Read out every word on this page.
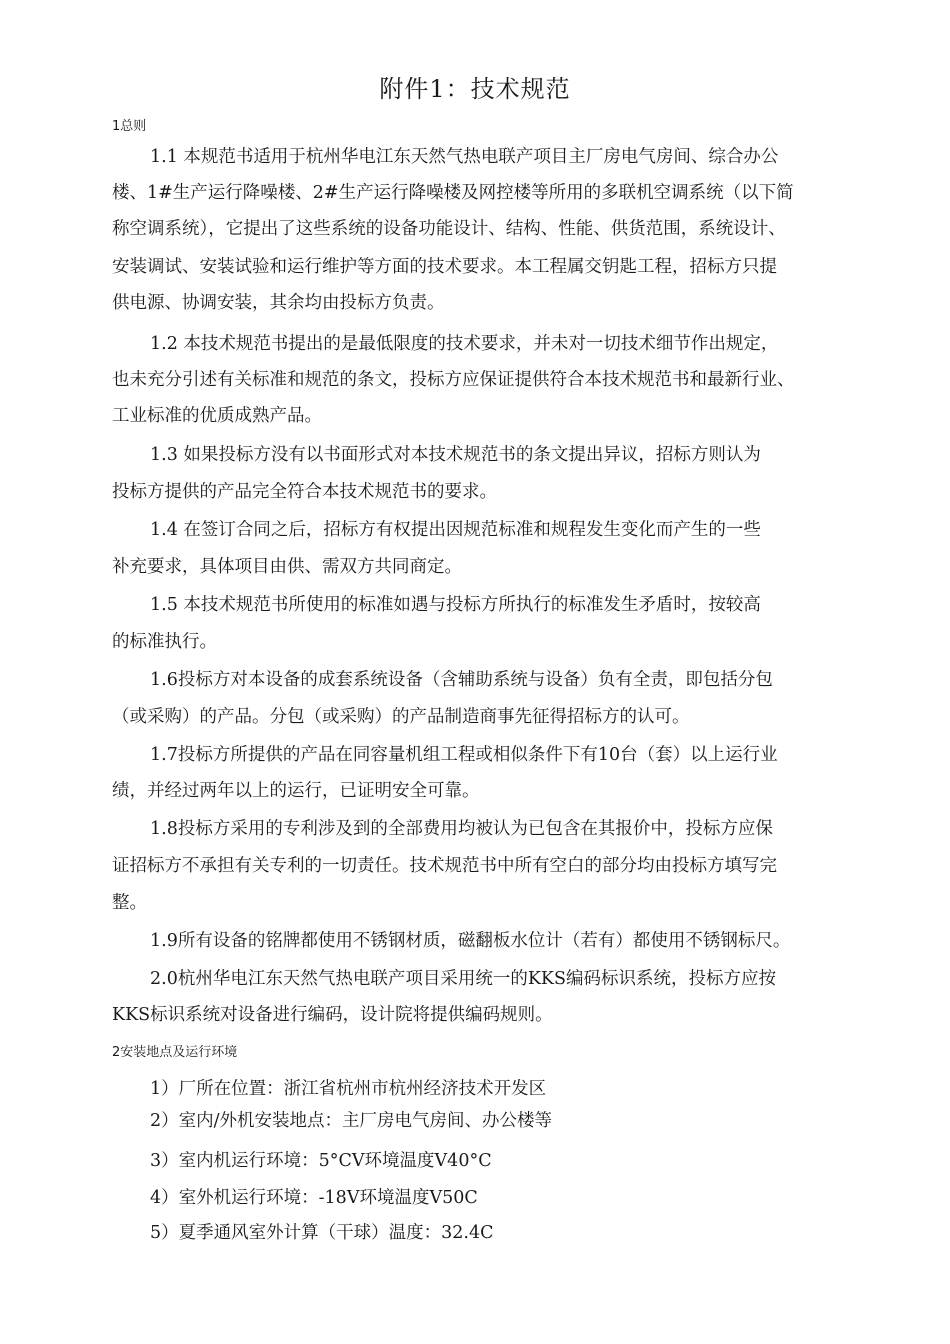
附件1：技术规范
1总则
1.1 本规范书适用于杭州华电江东天然气热电联产项目主厂房电气房间、综合办公
楼、1#生产运行降噪楼、2#生产运行降噪楼及网控楼等所用的多联机空调系统（以下简
称空调系统），它提出了这些系统的设备功能设计、结构、性能、供货范围，系统设计、
安装调试、安装试验和运行维护等方面的技术要求。本工程属交钥匙工程，招标方只提
供电源、协调安装，其余均由投标方负责。
1.2 本技术规范书提出的是最低限度的技术要求，并未对一切技术细节作出规定，
也未充分引述有关标准和规范的条文，投标方应保证提供符合本技术规范书和最新行业、
工业标准的优质成熟产品。
1.3 如果投标方没有以书面形式对本技术规范书的条文提出异议，招标方则认为
投标方提供的产品完全符合本技术规范书的要求。
1.4 在签订合同之后，招标方有权提出因规范标准和规程发生变化而产生的一些
补充要求，具体项目由供、需双方共同商定。
1.5 本技术规范书所使用的标准如遇与投标方所执行的标准发生矛盾时，按较高
的标准执行。
1.6投标方对本设备的成套系统设备（含辅助系统与设备）负有全责，即包括分包
（或采购）的产品。分包（或采购）的产品制造商事先征得招标方的认可。
1.7投标方所提供的产品在同容量机组工程或相似条件下有10台（套）以上运行业
绩，并经过两年以上的运行，已证明安全可靠。
1.8投标方采用的专利涉及到的全部费用均被认为已包含在其报价中，投标方应保
证招标方不承担有关专利的一切责任。技术规范书中所有空白的部分均由投标方填写完
整。
1.9所有设备的铭牌都使用不锈钢材质，磁翻板水位计（若有）都使用不锈钢标尺。
2.0杭州华电江东天然气热电联产项目采用统一的KKS编码标识系统，投标方应按
KKS标识系统对设备进行编码，设计院将提供编码规则。
2安装地点及运行环境
1）厂所在位置：浙江省杭州市杭州经济技术开发区
2）室内/外机安装地点：主厂房电气房间、办公楼等
3）室内机运行环境：5°CV环境温度V40°C
4）室外机运行环境：-18V环境温度V50C
5）夏季通风室外计算（干球）温度：32.4C
